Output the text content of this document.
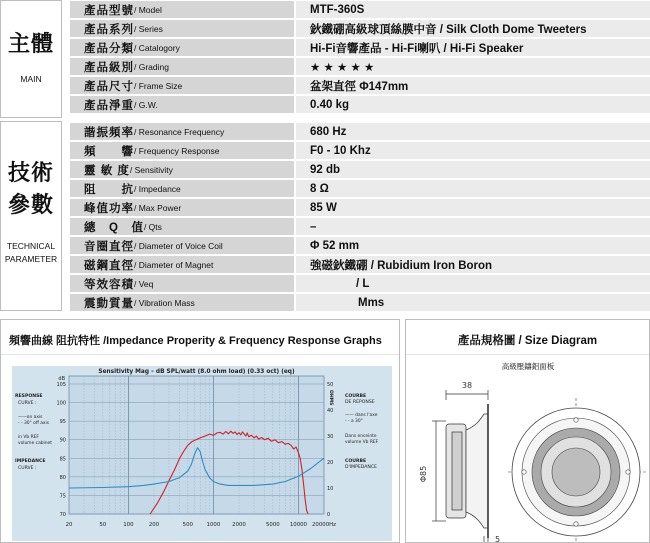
主體
MAIN
技術
參數
TECHNICAL
PARAMETER
產品型號 / Model	MTF-360S
產品系列 / Series	鈥鐵硼高級球頂絲膜中音 / Silk Cloth Dome Tweeters
產品分類 / Catalogory	Hi-Fi音響產品 - Hi-Fi喇叭 / Hi-Fi Speaker
產品級別 / Grading	★ ★ ★ ★ ★
產品尺寸 / Frame Size	盆架直徑 Φ147mm
產品淨重 / G.W.	0.40 kg
諧振頻率 / Resonance Frequency	680 Hz
頻　　響 / Frequency Response	F0 - 10 Khz
靈 敏 度 / Sensitivity	92 db
阻　　抗 / Impedance	8 Ω
峰值功率 / Max Power	85 W
總　Q　值 / Qts	–
音圈直徑 / Diameter of Voice Coil	Φ 52 mm
磁鋼直徑 / Diameter of Magnet	強磁鈥鐵硼 / Rubidium Iron Boron
等效容積 / Veq	/ L
震動質量 / Vibration Mass	Mms
頻響曲線 阻抗特性 /Impedance Properity & Frequency Response Graphs
Sensitivity Mag – dB SPL/watt (8.0 ohm load) (0.33 oct) (eq)
20	50	100	200	500	1000 2000	5000 10000 20000Hz
dB
70
75
80
85
90
95
100
105
0
10
20
30
40
50
OHMS
RESPONSE
CURVE :
——on axis
- - 30° off axis
in Vb REF
volume cabinet
IMPEDANCE
CURVE :
COURBE
DE REPONSE
—— dans l'axe
- - a 30°
Dans enceinte
volume Vb REF
COURBE
D'IMPEDANCE
產品規格圖 / Size Diagram
高級壓鑄鋁面板
38
Φ85
5
